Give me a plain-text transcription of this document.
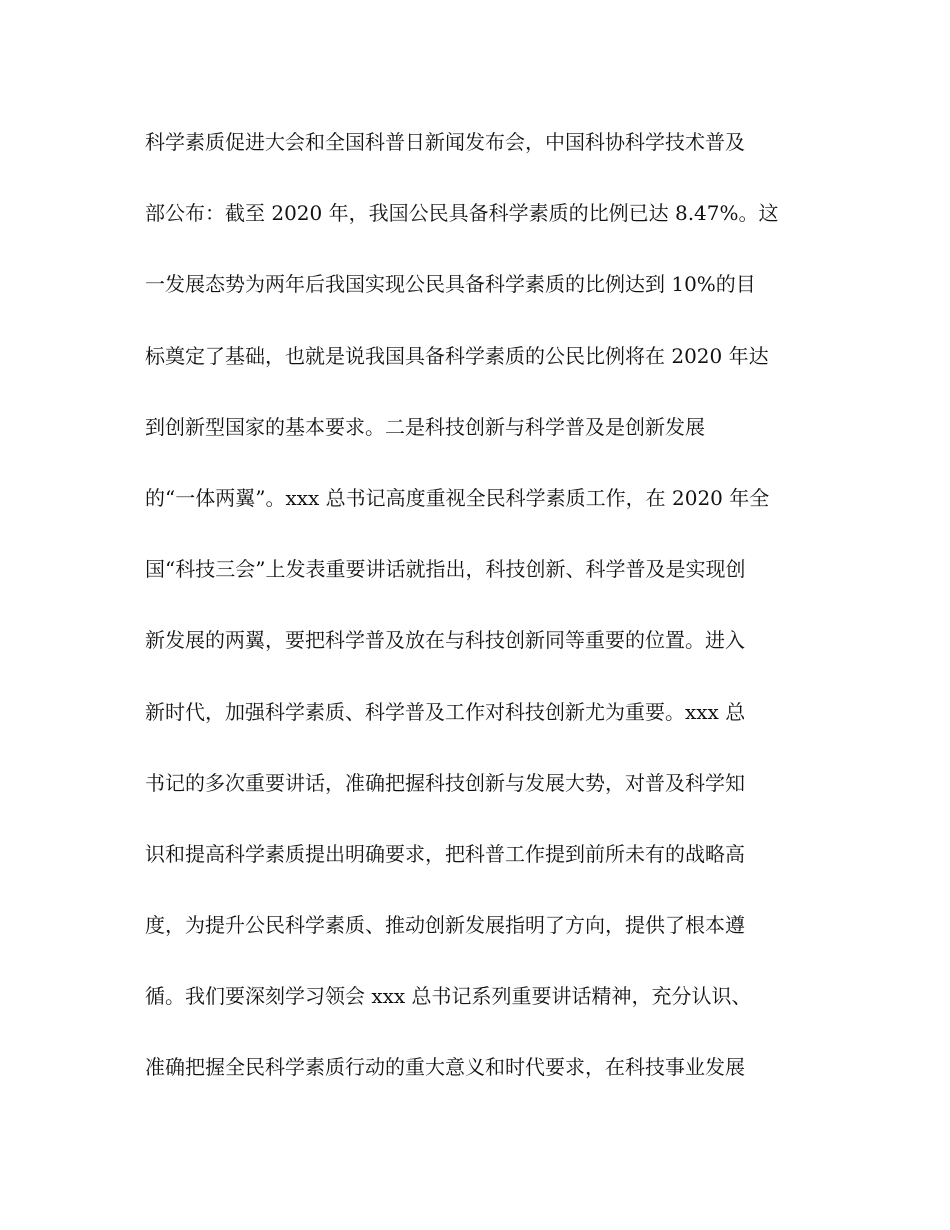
科学素质促进大会和全国科普日新闻发布会，中国科协科学技术普及
部公布：截至 2020 年，我国公民具备科学素质的比例已达 8.47%。这
一发展态势为两年后我国实现公民具备科学素质的比例达到 10%的目
标奠定了基础，也就是说我国具备科学素质的公民比例将在 2020 年达
到创新型国家的基本要求。二是科技创新与科学普及是创新发展
的“一体两翼”。xxx 总书记高度重视全民科学素质工作，在 2020 年全
国“科技三会”上发表重要讲话就指出，科技创新、科学普及是实现创
新发展的两翼，要把科学普及放在与科技创新同等重要的位置。进入
新时代，加强科学素质、科学普及工作对科技创新尤为重要。xxx 总
书记的多次重要讲话，准确把握科技创新与发展大势，对普及科学知
识和提高科学素质提出明确要求，把科普工作提到前所未有的战略高
度，为提升公民科学素质、推动创新发展指明了方向，提供了根本遵
循。我们要深刻学习领会 xxx 总书记系列重要讲话精神，充分认识、
准确把握全民科学素质行动的重大意义和时代要求，在科技事业发展
